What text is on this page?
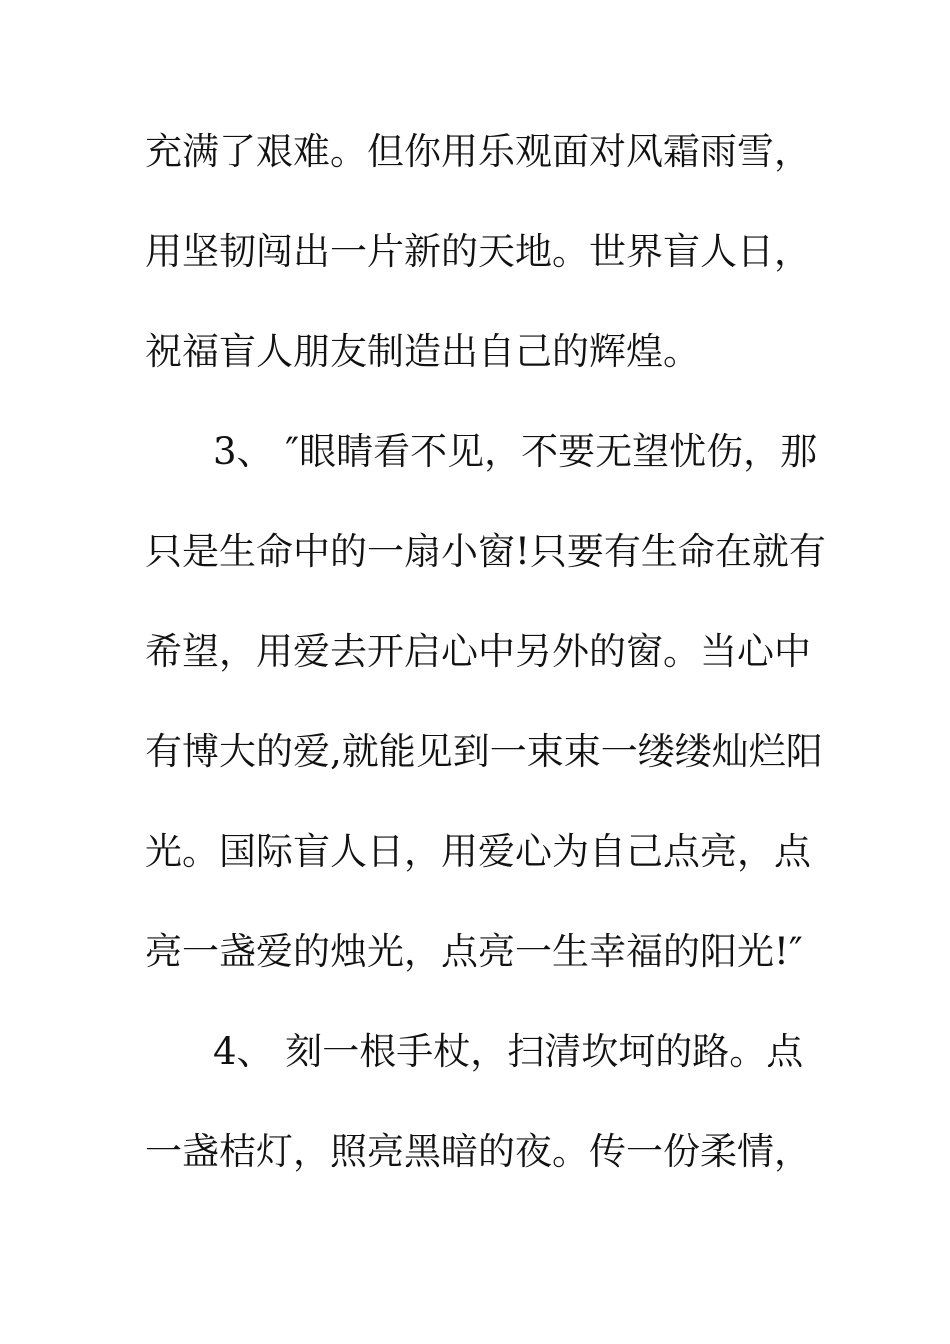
充满了艰难。但你用乐观面对风霜雨雪，
用坚韧闯出一片新的天地。世界盲人日，
祝福盲人朋友制造出自己的辉煌。
3、 ″眼睛看不见，不要无望忧伤，那
只是生命中的一扇小窗!只要有生命在就有
希望，用爱去开启心中另外的窗。当心中
有博大的爱,就能见到一束束一缕缕灿烂阳
光。国际盲人日，用爱心为自己点亮，点
亮一盏爱的烛光，点亮一生幸福的阳光!″
4、 刻一根手杖，扫清坎坷的路。点
一盏桔灯，照亮黑暗的夜。传一份柔情，
